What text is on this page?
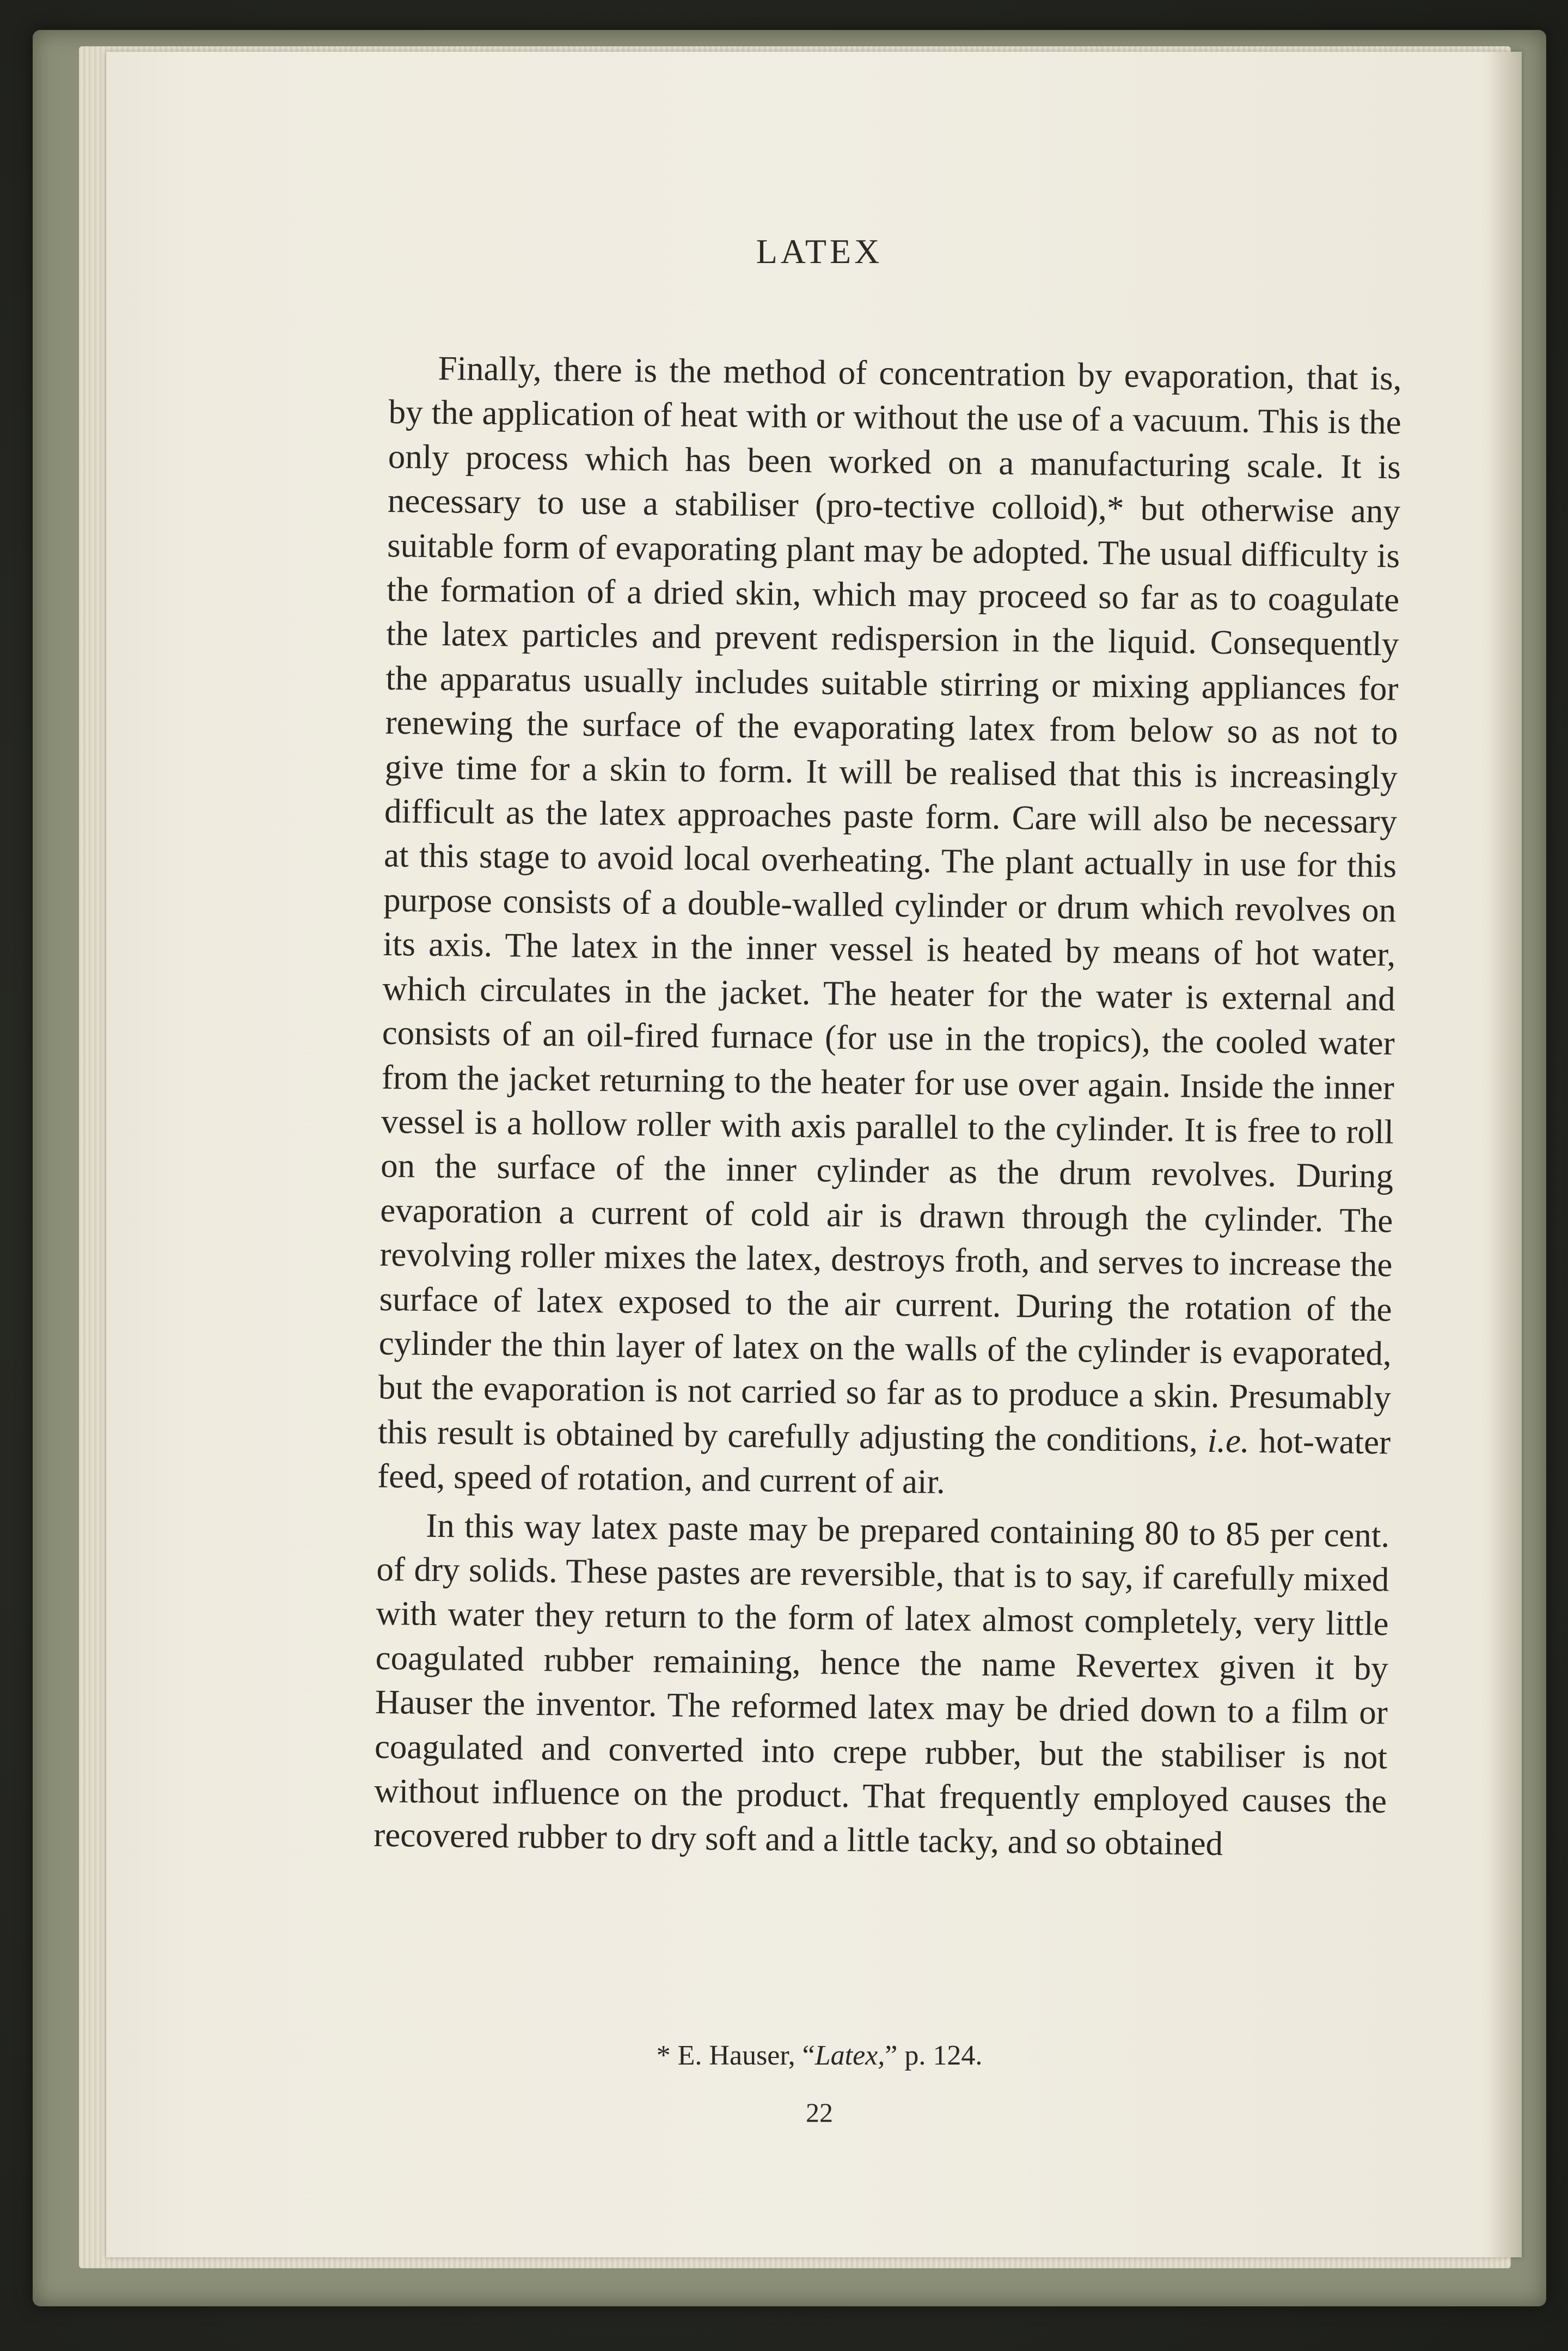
LATEX

Finally, there is the method of concentration by evaporation, that is, by the application of heat with or without the use of a vacuum. This is the only process which has been worked on a manufacturing scale. It is necessary to use a stabiliser (pro-tective colloid),* but otherwise any suitable form of evaporating plant may be adopted. The usual difficulty is the formation of a dried skin, which may proceed so far as to coagulate the latex particles and prevent redispersion in the liquid. Consequently the apparatus usually includes suitable stirring or mixing appliances for renewing the surface of the evaporating latex from below so as not to give time for a skin to form. It will be realised that this is increasingly difficult as the latex approaches paste form. Care will also be necessary at this stage to avoid local overheating. The plant actually in use for this purpose consists of a double-walled cylinder or drum which revolves on its axis. The latex in the inner vessel is heated by means of hot water, which circulates in the jacket. The heater for the water is external and consists of an oil-fired furnace (for use in the tropics), the cooled water from the jacket returning to the heater for use over again. Inside the inner vessel is a hollow roller with axis parallel to the cylinder. It is free to roll on the surface of the inner cylinder as the drum revolves. During evaporation a current of cold air is drawn through the cylinder. The revolving roller mixes the latex, destroys froth, and serves to increase the surface of latex exposed to the air current. During the rotation of the cylinder the thin layer of latex on the walls of the cylinder is evaporated, but the evaporation is not carried so far as to produce a skin. Presumably this result is obtained by carefully adjusting the conditions, i.e. hot-water feed, speed of rotation, and current of air.

In this way latex paste may be prepared containing 80 to 85 per cent. of dry solids. These pastes are reversible, that is to say, if carefully mixed with water they return to the form of latex almost completely, very little coagulated rubber remaining, hence the name Revertex given it by Hauser the inventor. The reformed latex may be dried down to a film or coagulated and converted into crepe rubber, but the stabiliser is not without influence on the product. That frequently employed causes the recovered rubber to dry soft and a little tacky, and so obtained

* E. Hauser, “Latex,” p. 124.
22
